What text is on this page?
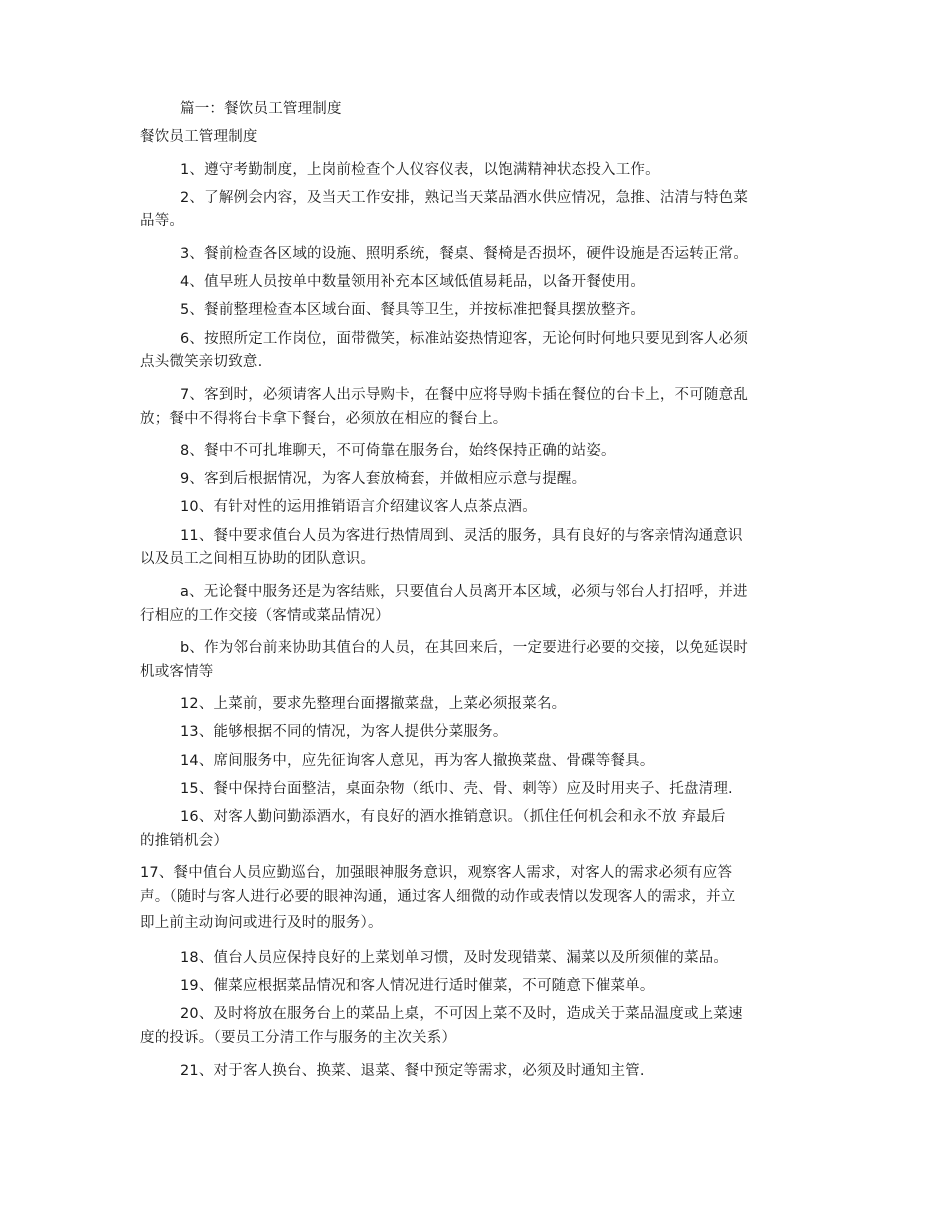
篇一：餐饮员工管理制度

餐饮员工管理制度

1、遵守考勤制度，上岗前检查个人仪容仪表，以饱满精神状态投入工作。

2、了解例会内容，及当天工作安排，熟记当天菜品酒水供应情况，急推、沽清与特色菜

品等。

3、餐前检查各区域的设施、照明系统，餐桌、餐椅是否损坏，硬件设施是否运转正常。

4、值早班人员按单中数量领用补充本区域低值易耗品，以备开餐使用。

5、餐前整理检查本区域台面、餐具等卫生，并按标准把餐具摆放整齐。

6、按照所定工作岗位，面带微笑，标准站姿热情迎客，无论何时何地只要见到客人必须

点头微笑亲切致意.

7、客到时，必须请客人出示导购卡，在餐中应将导购卡插在餐位的台卡上，不可随意乱

放；餐中不得将台卡拿下餐台，必须放在相应的餐台上。

8、餐中不可扎堆聊天，不可倚靠在服务台，始终保持正确的站姿。

9、客到后根据情况，为客人套放椅套，并做相应示意与提醒。

10、有针对性的运用推销语言介绍建议客人点茶点酒。

11、餐中要求值台人员为客进行热情周到、灵活的服务，具有良好的与客亲情沟通意识

以及员工之间相互协助的团队意识。

a、无论餐中服务还是为客结账，只要值台人员离开本区域，必须与邻台人打招呼，并进

行相应的工作交接（客情或菜品情况）

b、作为邻台前来协助其值台的人员，在其回来后，一定要进行必要的交接，以免延误时

机或客情等

12、上菜前，要求先整理台面撂撤菜盘，上菜必须报菜名。

13、能够根据不同的情况，为客人提供分菜服务。

14、席间服务中，应先征询客人意见，再为客人撤换菜盘、骨碟等餐具。

15、餐中保持台面整洁，桌面杂物（纸巾、壳、骨、刺等）应及时用夹子、托盘清理.

16、对客人勤问勤添酒水，有良好的酒水推销意识。（抓住任何机会和永不放 弃最后

的推销机会）

17、餐中值台人员应勤巡台，加强眼神服务意识，观察客人需求，对客人的需求必须有应答

声。（随时与客人进行必要的眼神沟通，通过客人细微的动作或表情以发现客人的需求，并立

即上前主动询问或进行及时的服务）。

18、值台人员应保持良好的上菜划单习惯，及时发现错菜、漏菜以及所须催的菜品。

19、催菜应根据菜品情况和客人情况进行适时催菜，不可随意下催菜单。

20、及时将放在服务台上的菜品上桌，不可因上菜不及时，造成关于菜品温度或上菜速

度的投诉。（要员工分清工作与服务的主次关系）

21、对于客人换台、换菜、退菜、餐中预定等需求，必须及时通知主管.
